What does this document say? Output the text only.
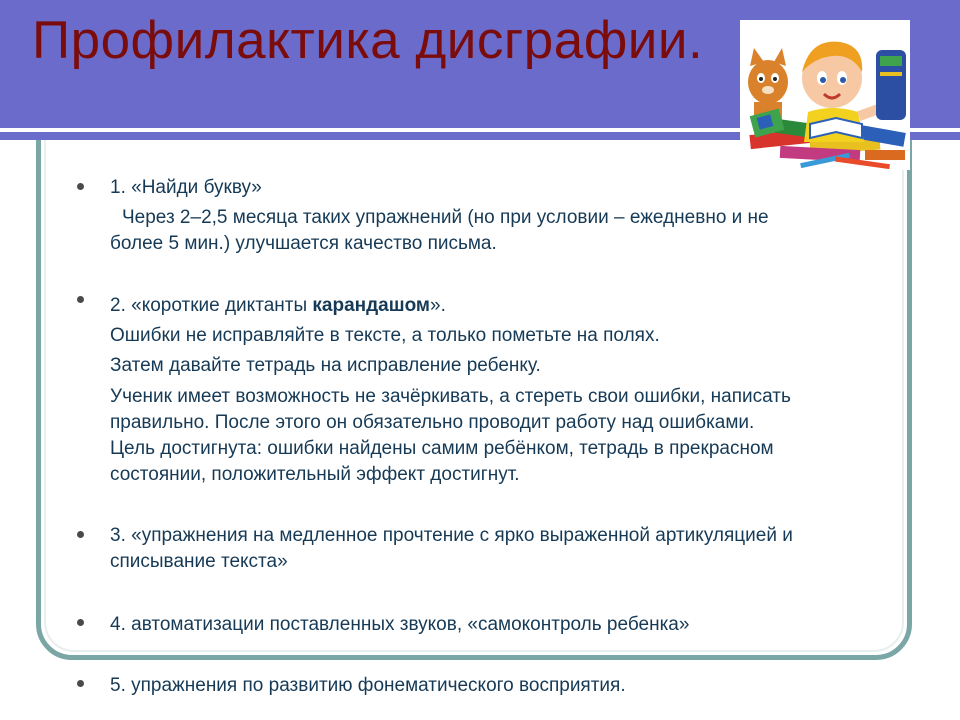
Профилактика дисграфии.

1. «Найди букву»

Через 2–2,5 месяца таких упражнений (но при условии – ежедневно и не

более 5 мин.) улучшается качество письма.

2. «короткие диктанты карандашом».

Ошибки не исправляйте в тексте, а только пометьте на полях.

Затем давайте тетрадь на исправление ребенку.

Ученик имеет возможность не зачёркивать, а стереть свои ошибки, написать

правильно. После этого он обязательно проводит работу над ошибками.

Цель достигнута: ошибки найдены самим ребёнком, тетрадь в прекрасном

состоянии, положительный эффект достигнут.

3. «упражнения на медленное прочтение с ярко выраженной артикуляцией и

списывание текста»

4. автоматизации поставленных звуков, «самоконтроль ребенка»

5. упражнения по развитию фонематического восприятия.
